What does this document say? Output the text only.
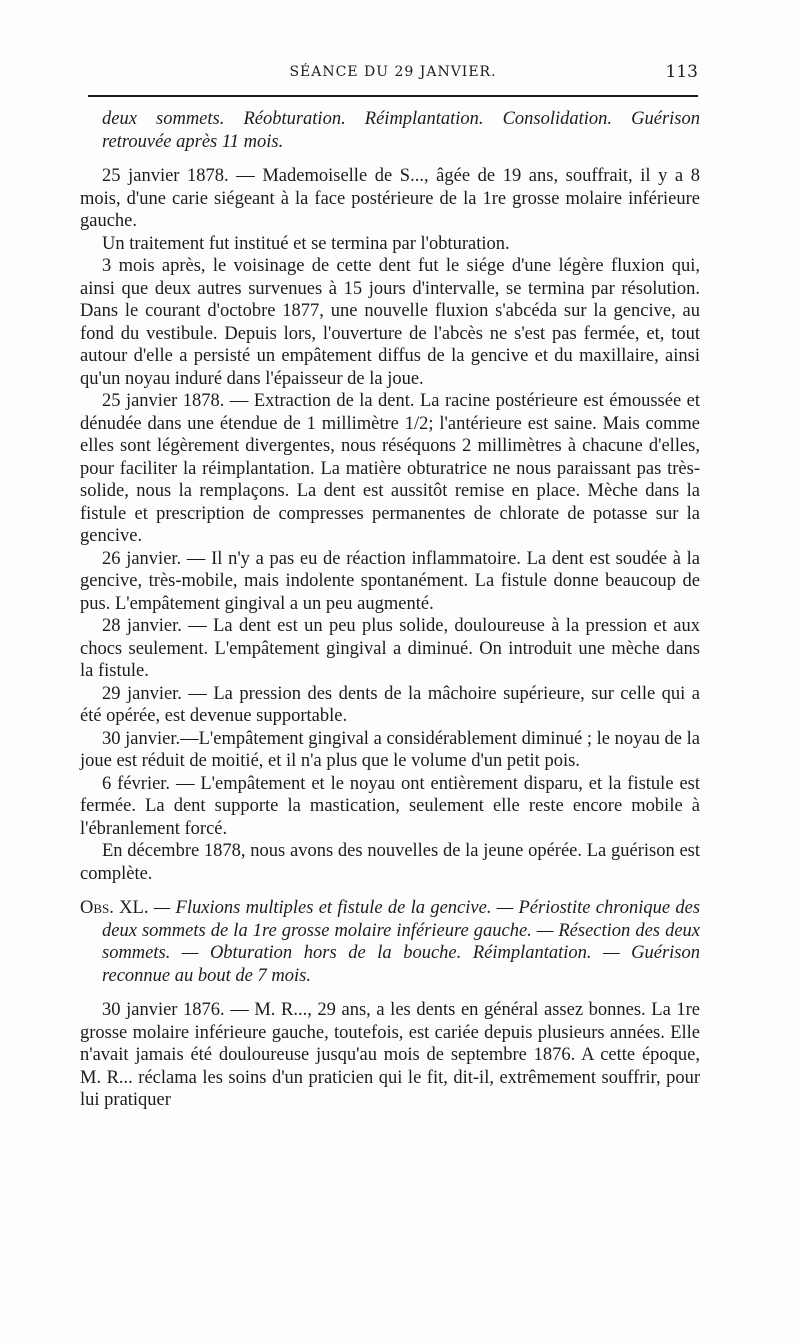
SÉANCE DU 29 JANVIER.	113

deux sommets. Réobturation. Réimplantation. Consolidation. Guérison retrouvée après 11 mois.

25 janvier 1878. — Mademoiselle de S..., âgée de 19 ans, souffrait, il y a 8 mois, d'une carie siégeant à la face postérieure de la 1re grosse molaire inférieure gauche.

Un traitement fut institué et se termina par l'obturation.

3 mois après, le voisinage de cette dent fut le siége d'une légère fluxion qui, ainsi que deux autres survenues à 15 jours d'intervalle, se termina par résolution. Dans le courant d'octobre 1877, une nouvelle fluxion s'abcéda sur la gencive, au fond du vestibule. Depuis lors, l'ouverture de l'abcès ne s'est pas fermée, et, tout autour d'elle a persisté un empâtement diffus de la gencive et du maxillaire, ainsi qu'un noyau induré dans l'épaisseur de la joue.

25 janvier 1878. — Extraction de la dent. La racine postérieure est émoussée et dénudée dans une étendue de 1 millimètre 1/2; l'antérieure est saine. Mais comme elles sont légèrement divergentes, nous réséquons 2 millimètres à chacune d'elles, pour faciliter la réimplantation. La matière obturatrice ne nous paraissant pas très-solide, nous la remplaçons. La dent est aussitôt remise en place. Mèche dans la fistule et prescription de compresses permanentes de chlorate de potasse sur la gencive.

26 janvier. — Il n'y a pas eu de réaction inflammatoire. La dent est soudée à la gencive, très-mobile, mais indolente spontanément. La fistule donne beaucoup de pus. L'empâtement gingival a un peu augmenté.

28 janvier. — La dent est un peu plus solide, douloureuse à la pression et aux chocs seulement. L'empâtement gingival a diminué. On introduit une mèche dans la fistule.

29 janvier. — La pression des dents de la mâchoire supérieure, sur celle qui a été opérée, est devenue supportable.

30 janvier.—L'empâtement gingival a considérablement diminué ; le noyau de la joue est réduit de moitié, et il n'a plus que le volume d'un petit pois.

6 février. — L'empâtement et le noyau ont entièrement disparu, et la fistule est fermée. La dent supporte la mastication, seulement elle reste encore mobile à l'ébranlement forcé.

En décembre 1878, nous avons des nouvelles de la jeune opérée. La guérison est complète.

Obs. XL. — Fluxions multiples et fistule de la gencive. — Périostite chronique des deux sommets de la 1re grosse molaire inférieure gauche. — Résection des deux sommets. — Obturation hors de la bouche. Réimplantation. — Guérison reconnue au bout de 7 mois.

30 janvier 1876. — M. R..., 29 ans, a les dents en général assez bonnes. La 1re grosse molaire inférieure gauche, toutefois, est cariée depuis plusieurs années. Elle n'avait jamais été douloureuse jusqu'au mois de septembre 1876. A cette époque, M. R... réclama les soins d'un praticien qui le fit, dit-il, extrêmement souffrir, pour lui pratiquer
